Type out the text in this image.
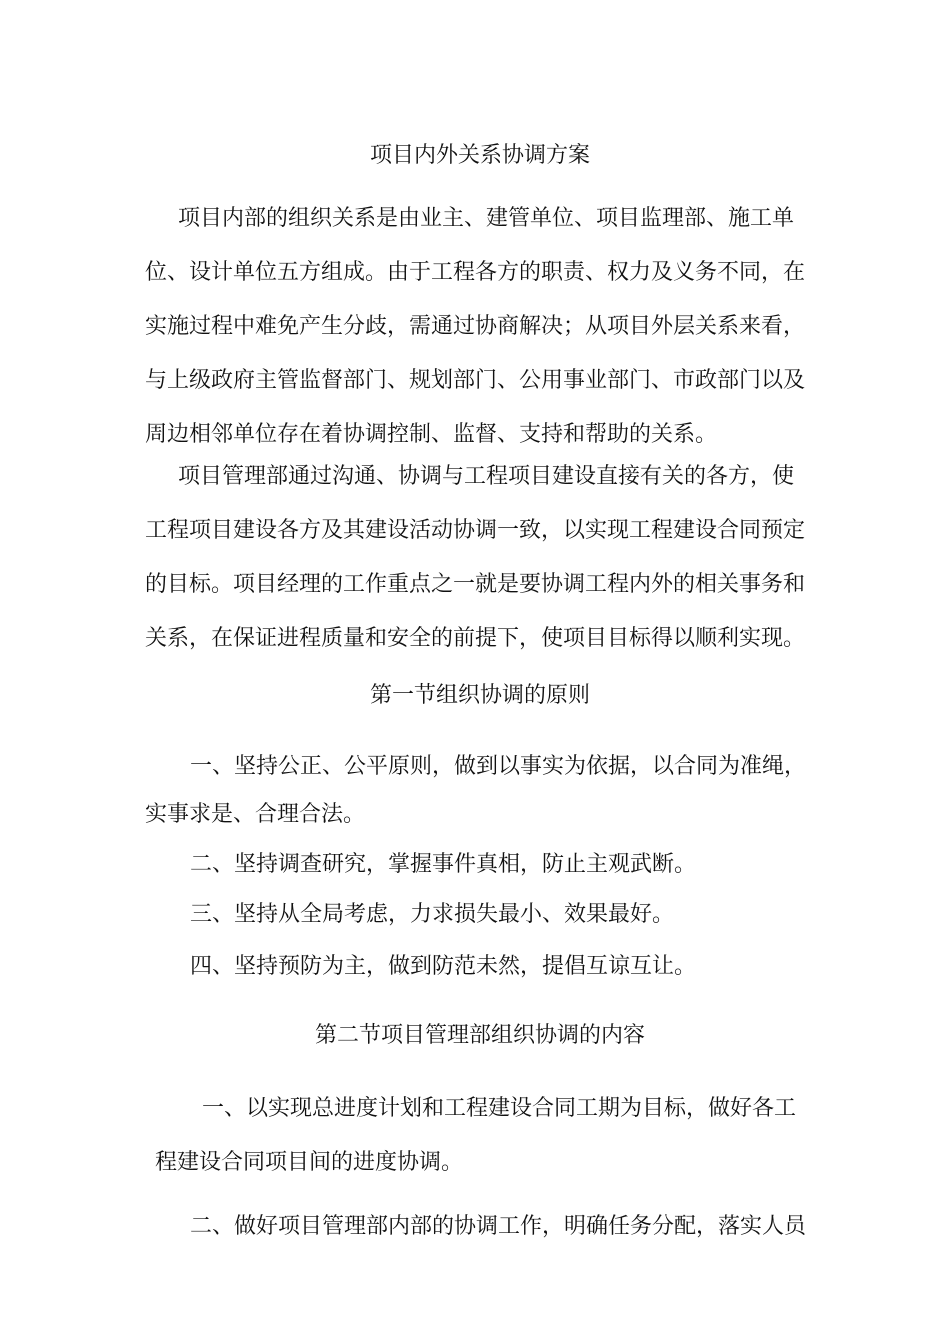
项目内外关系协调方案
项目内部的组织关系是由业主、建管单位、项目监理部、施工单
位、设计单位五方组成。由于工程各方的职责、权力及义务不同，在
实施过程中难免产生分歧，需通过协商解决；从项目外层关系来看，
与上级政府主管监督部门、规划部门、公用事业部门、市政部门以及
周边相邻单位存在着协调控制、监督、支持和帮助的关系。
项目管理部通过沟通、协调与工程项目建设直接有关的各方，使
工程项目建设各方及其建设活动协调一致，以实现工程建设合同预定
的目标。项目经理的工作重点之一就是要协调工程内外的相关事务和
关系，在保证进程质量和安全的前提下，使项目目标得以顺利实现。
第一节组织协调的原则
一、坚持公正、公平原则，做到以事实为依据，以合同为准绳，
实事求是、合理合法。
二、坚持调查研究，掌握事件真相，防止主观武断。
三、坚持从全局考虑，力求损失最小、效果最好。
四、坚持预防为主，做到防范未然，提倡互谅互让。
第二节项目管理部组织协调的内容
一、以实现总进度计划和工程建设合同工期为目标，做好各工
程建设合同项目间的进度协调。
二、做好项目管理部内部的协调工作，明确任务分配，落实人员
